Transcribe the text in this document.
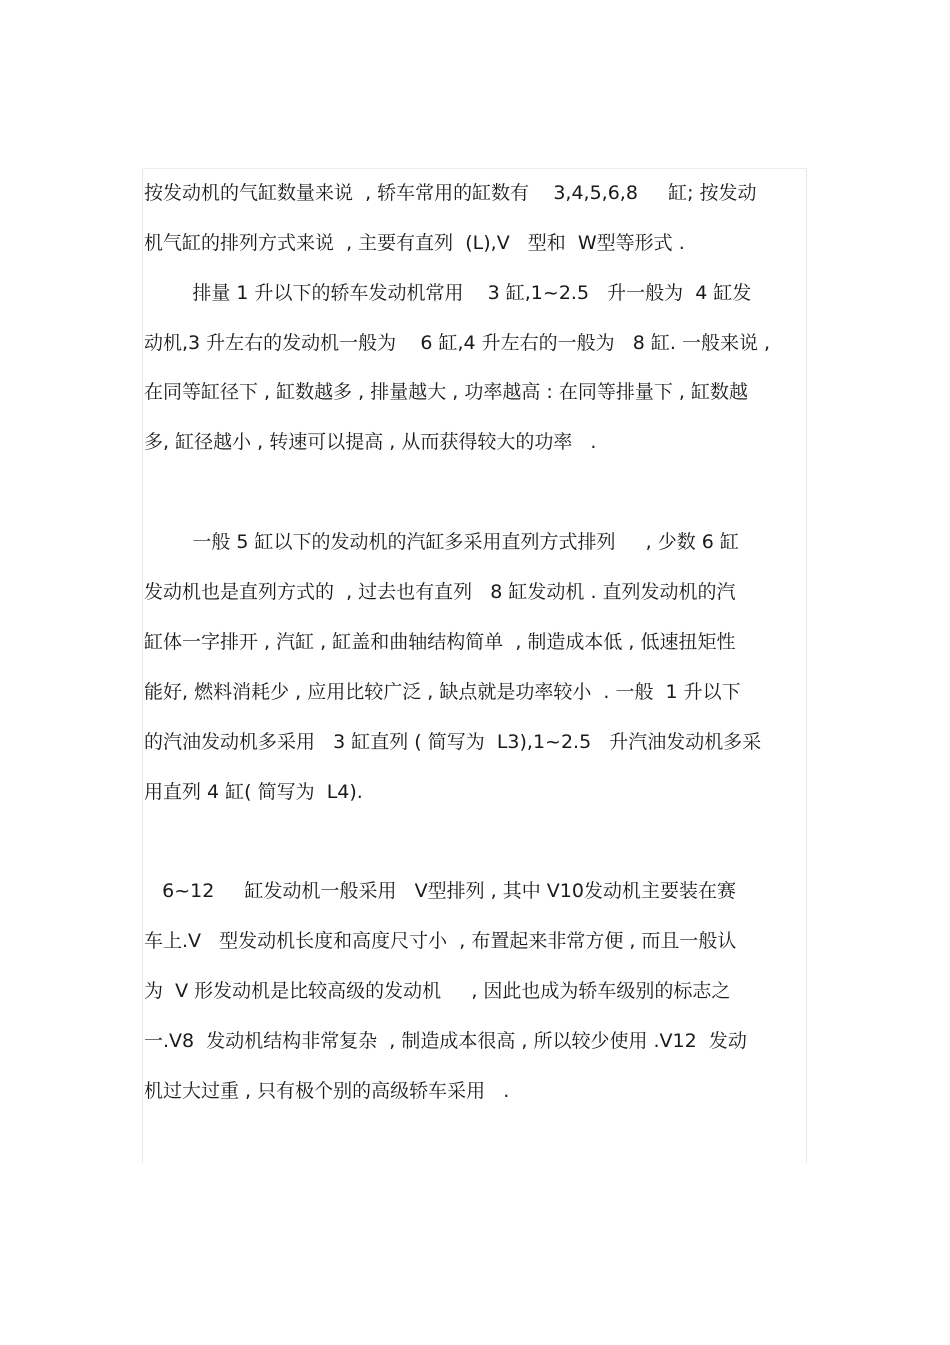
按发动机的气缸数量来说  , 轿车常用的缸数有    3,4,5,6,8     缸; 按发动
机气缸的排列方式来说  , 主要有直列  (L),V   型和  W型等形式 .
排量 1 升以下的轿车发动机常用    3 缸,1~2.5   升一般为  4 缸发
动机,3 升左右的发动机一般为    6 缸,4 升左右的一般为   8 缸. 一般来说 ,
在同等缸径下 , 缸数越多 , 排量越大 , 功率越高 : 在同等排量下 , 缸数越
多, 缸径越小 , 转速可以提高 , 从而获得较大的功率   .
一般 5 缸以下的发动机的汽缸多采用直列方式排列     , 少数 6 缸
发动机也是直列方式的  , 过去也有直列   8 缸发动机 . 直列发动机的汽
缸体一字排开 , 汽缸 , 缸盖和曲轴结构简单  , 制造成本低 , 低速扭矩性
能好, 燃料消耗少 , 应用比较广泛 , 缺点就是功率较小  . 一般  1 升以下
的汽油发动机多采用   3 缸直列 ( 简写为  L3),1~2.5   升汽油发动机多采
用直列 4 缸( 简写为  L4).
6~12     缸发动机一般采用   V型排列 , 其中 V10发动机主要装在赛
车上.V   型发动机长度和高度尺寸小  , 布置起来非常方便 , 而且一般认
为  V 形发动机是比较高级的发动机     , 因此也成为轿车级别的标志之
一.V8  发动机结构非常复杂  , 制造成本很高 , 所以较少使用 .V12  发动
机过大过重 , 只有极个别的高级轿车采用   .
